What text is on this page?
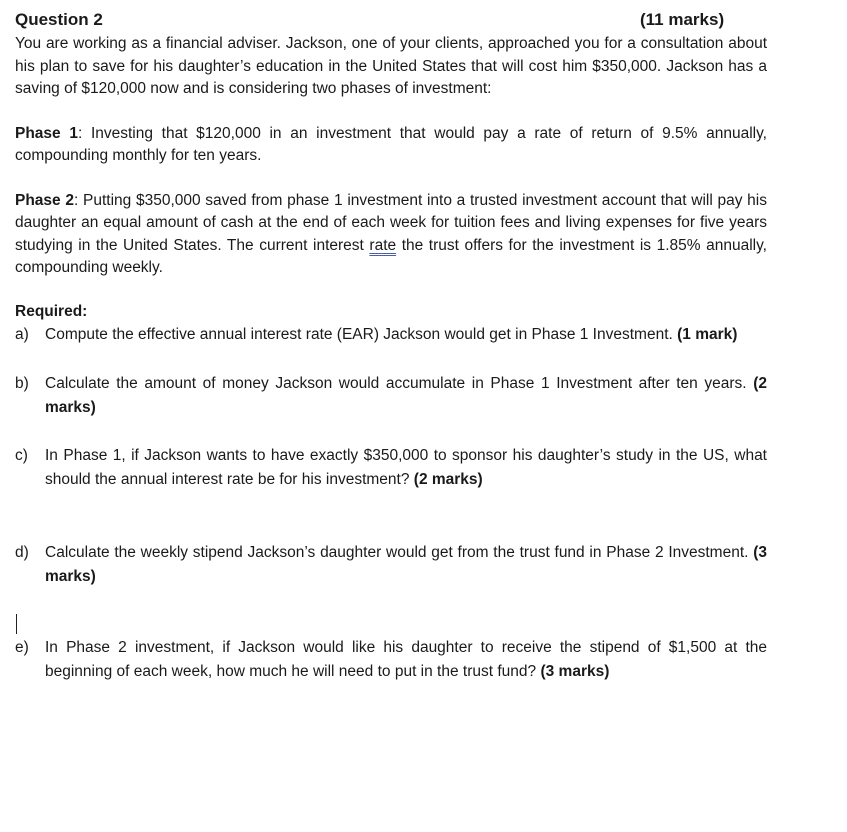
Question 2	(11 marks)

You are working as a financial adviser. Jackson, one of your clients, approached you for a consultation about his plan to save for his daughter’s education in the United States that will cost him $350,000. Jackson has a saving of $120,000 now and is considering two phases of investment:

Phase 1: Investing that $120,000 in an investment that would pay a rate of return of 9.5% annually, compounding monthly for ten years.

Phase 2: Putting $350,000 saved from phase 1 investment into a trusted investment account that will pay his daughter an equal amount of cash at the end of each week for tuition fees and living expenses for five years studying in the United States. The current interest rate the trust offers for the investment is 1.85% annually, compounding weekly.

Required:
a) Compute the effective annual interest rate (EAR) Jackson would get in Phase 1 Investment. (1 mark)
b) Calculate the amount of money Jackson would accumulate in Phase 1 Investment after ten years. (2 marks)
c) In Phase 1, if Jackson wants to have exactly $350,000 to sponsor his daughter’s study in the US, what should the annual interest rate be for his investment? (2 marks)
d) Calculate the weekly stipend Jackson’s daughter would get from the trust fund in Phase 2 Investment. (3 marks)
e) In Phase 2 investment, if Jackson would like his daughter to receive the stipend of $1,500 at the beginning of each week, how much he will need to put in the trust fund? (3 marks)
